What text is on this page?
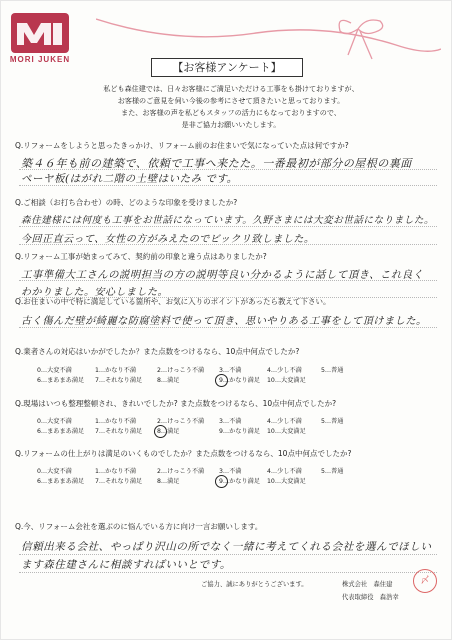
MORI JUKEN
【お客様アンケート】
私ども森住建では、日々お客様にご満足いただける工事をも掛けておりますが、
お客様のご意見を伺い今後の参考にさせて頂きたいと思っております。
また、お客様の声を私どもスタッフの活力にもなっておりますので、
是非ご協力お願いいたします。
Q.リフォームをしようと思ったきっかけ、リフォーム前のお住まいで気になっていた点は何ですか?
築４６年も前の建築で、依頼で工事へ来たた。一番最初が部分の屋根の裏面
ペーヤ板(はがれ二階の土壁はいたみ です。
Q.ご相談（お打ち合わせ）の時、どのような印象を受けましたか?
森住建様には何度も工事をお世話になっています。久野さまには大変お世話になりました。
今回正直云って、女性の方がみえたのでビックリ致しました。
Q.リフォーム工事が始まってみて、契約前の印象と違う点はありましたか?
工事準備大工さんの説明担当の方の説明等良い分かるように話して頂き、これ良く
わかりました。安心しました。
Q.お住まいの中で特に満足している箇所や、お気に入りのポイントがあったら教えて下さい。
古く傷んだ壁が綺麗な防腐塗料で使って頂き、思いやりある工事をして頂けました。
Q.業者さんの対応はいかがでしたか？また点数をつけるなら、10点中何点でしたか?
0…大変不満	1…かなり不満	2…けっこう不満 3…不満	4…少し不満	5…普通
6…まあまあ満足 7…それなり満足 8…満足	9…かなり満足 10…大変満足
Q.現場はいつも整理整頓され、きれいでしたか? また点数をつけるなら、10点中何点でしたか?
0…大変不満	1…かなり不満	2…けっこう不満 3…不満	4…少し不満	5…普通
6…まあまあ満足 7…それなり満足 8…満足	9…かなり満足 10…大変満足
Q.リフォームの仕上がりは満足のいくものでしたか？また点数をつけるなら、10点中何点でしたか?
0…大変不満	1…かなり不満	2…けっこう不満 3…不満	4…少し不満	5…普通
6…まあまあ満足 7…それなり満足 8…満足	9…かなり満足 10…大変満足
Q.今、リフォーム会社を選ぶのに悩んでいる方に向け一言お願いします。
信頼出来る会社、やっぱり沢山の所でなく一緒に考えてくれる会社を選んでほしい
ます森住建さんに相談すればいいとです。
〆
ご協力、誠にありがとうございます。	株式会社　森住建
代表取締役　森浩幸
